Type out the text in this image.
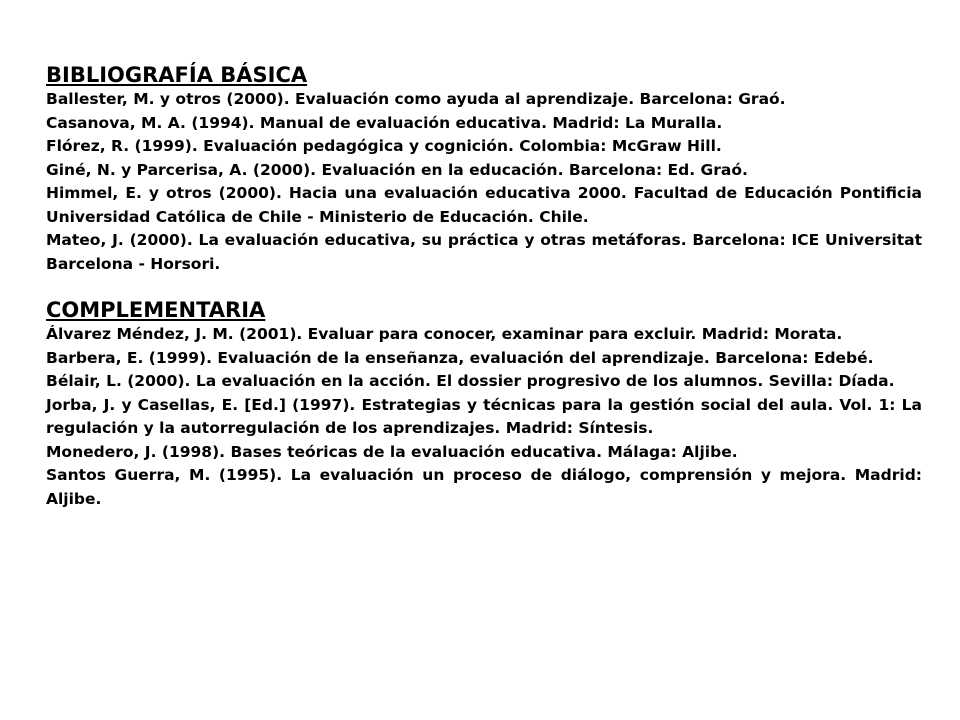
BIBLIOGRAFÍA BÁSICA
Ballester, M. y otros (2000). Evaluación como ayuda al aprendizaje. Barcelona: Graó.
Casanova, M. A. (1994). Manual de evaluación educativa. Madrid: La Muralla.
Flórez, R. (1999). Evaluación pedagógica y cognición. Colombia: McGraw Hill.
Giné, N. y Parcerisa, A. (2000). Evaluación en la educación. Barcelona: Ed. Graó.
Himmel, E. y otros (2000). Hacia una evaluación educativa 2000. Facultad de Educación Pontificia Universidad Católica de Chile - Ministerio de Educación. Chile.
Mateo, J. (2000). La evaluación educativa, su práctica y otras metáforas. Barcelona: ICE Universitat Barcelona - Horsori.
COMPLEMENTARIA
Álvarez Méndez, J. M. (2001). Evaluar para conocer, examinar para excluir. Madrid: Morata.
Barbera, E. (1999). Evaluación de la enseñanza, evaluación del aprendizaje. Barcelona: Edebé.
Bélair, L. (2000). La evaluación en la acción. El dossier progresivo de los alumnos. Sevilla: Díada.
Jorba, J. y Casellas, E. [Ed.] (1997). Estrategias y técnicas para la gestión social del aula. Vol. 1: La regulación y la autorregulación de los aprendizajes. Madrid: Síntesis.
Monedero, J. (1998). Bases teóricas de la evaluación educativa. Málaga: Aljibe.
Santos Guerra, M. (1995). La evaluación un proceso de diálogo, comprensión y mejora. Madrid: Aljibe.
